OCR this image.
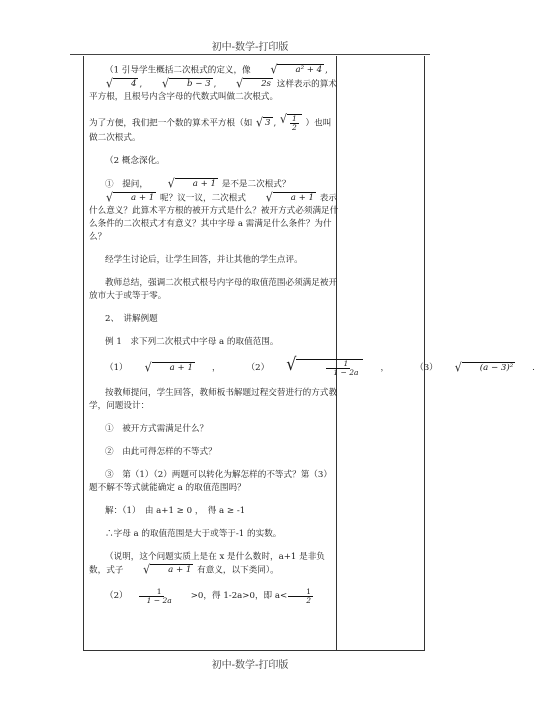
初中-数学-打印版
（1 引导学生概括二次根式的定义，像	√	a² + 4 ,
√	4 ,	√	b − 3 ,	√	2s 这样表示的算术平方根，且根号内含字母的代数式叫做二次根式。
为了方便，我们把一个数的算术平方根（如 √ 3 , √ $\frac{1}{2}$ ）也叫做二次根式。
（2 概念深化。
①　提问，	√	a + 1 是不是二次根式？
√	a + 1 呢？议一议，二次根式	√	a + 1 表示什么意义？此算术平方根的被开方式是什么？被开方式必须满足什么条件的二次根式才有意义？其中字母 a 需满足什么条件？为什么？
经学生讨论后，让学生回答，并让其他的学生点评。
教师总结，强调二次根式根号内字母的取值范围必须满足被开放市大于或等于零。
2、　讲解例题
例 1　求下列二次根式中字母 a 的取值范围。
（1）	√	a + 1 ，	（2）	√	$\frac{1}{1 - 2a}$ ，	（3）	√	(a − 3)² .
按教师提问，学生回答，教师板书解题过程交替进行的方式教学，问题设计：
①　被开方式需满足什么？
②　由此可得怎样的不等式？
③　第（1）（2）两题可以转化为解怎样的不等式？第（3）题不解不等式就能确定 a 的取值范围吗？
解：（1）　由 a+1 ≥ 0 ，　得 a ≥ -1
∴字母 a 的取值范围是大于或等于-1 的实数。
（说明，这个问题实质上是在 x 是什么数时，a+1 是非负数，式子	√	a + 1 有意义，以下类同）。
$(2) \frac{1}{1 - 2a}$	>0，得 1-2a>0，即 $a< \frac{1}{2}$
初中-数学-打印版
